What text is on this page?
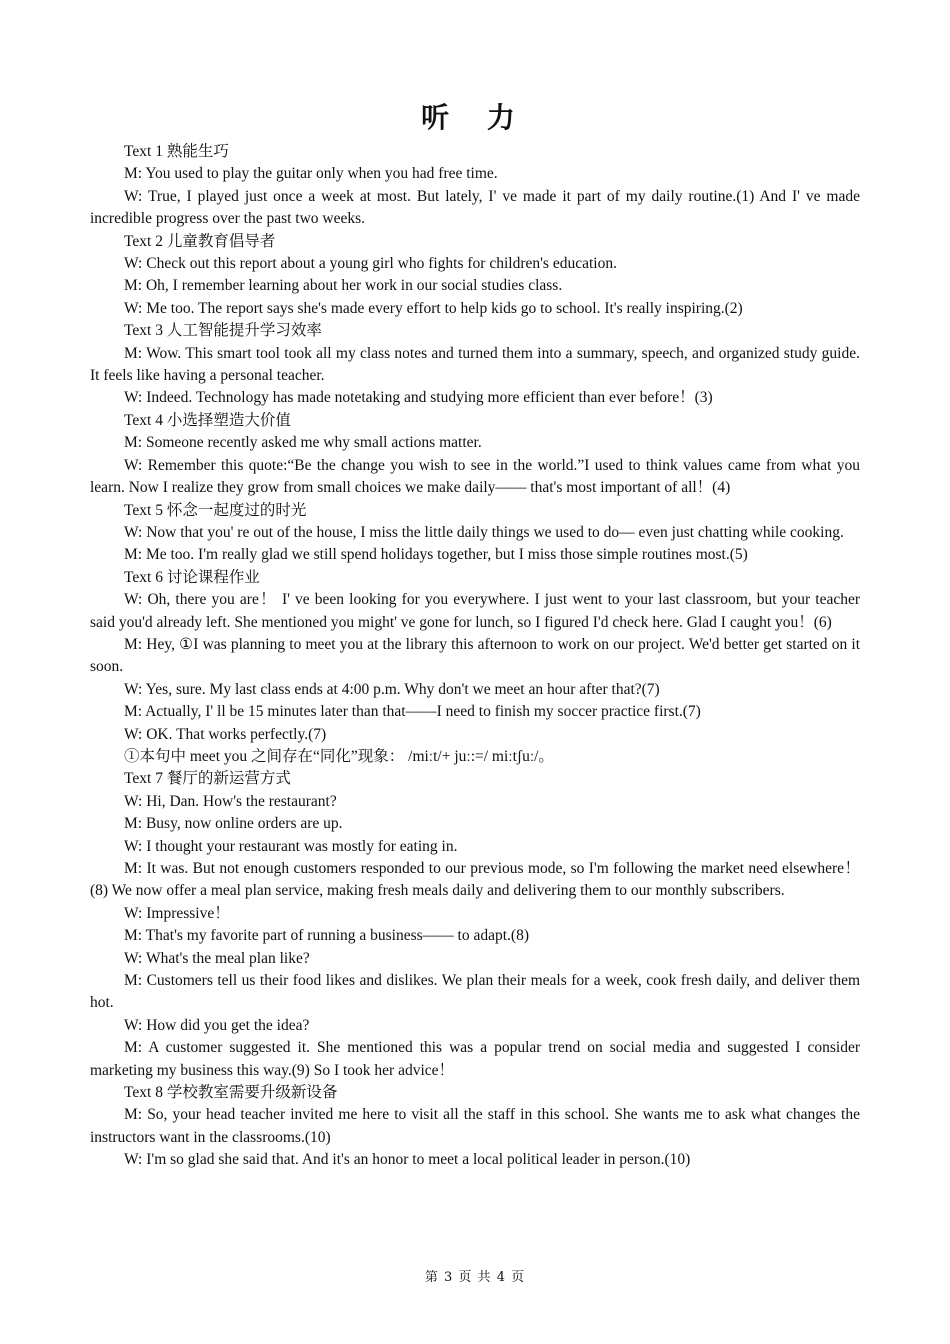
听 力

Text 1 熟能生巧

M: You used to play the guitar only when you had free time.

W: True, I played just once a week at most. But lately, I' ve made it part of my daily routine.(1) And I' ve made incredible progress over the past two weeks.

Text 2 儿童教育倡导者

W: Check out this report about a young girl who fights for children's education.

M: Oh, I remember learning about her work in our social studies class.

W: Me too. The report says she's made every effort to help kids go to school. It's really inspiring.(2)

Text 3 人工智能提升学习效率

M: Wow. This smart tool took all my class notes and turned them into a summary, speech, and organized study guide. It feels like having a personal teacher.

W: Indeed. Technology has made notetaking and studying more efficient than ever before！(3)

Text 4 小选择塑造大价值

M: Someone recently asked me why small actions matter.

W: Remember this quote:“Be the change you wish to see in the world.”I used to think values came from what you learn. Now I realize they grow from small choices we make daily—— that's most important of all！(4)

Text 5 怀念一起度过的时光

W: Now that you' re out of the house, I miss the little daily things we used to do— even just chatting while cooking.

M: Me too. I'm really glad we still spend holidays together, but I miss those simple routines most.(5)

Text 6 讨论课程作业

W: Oh, there you are！ I' ve been looking for you everywhere. I just went to your last classroom, but your teacher said you'd already left. She mentioned you might' ve gone for lunch, so I figured I'd check here. Glad I caught you！(6)

M: Hey, ①I was planning to meet you at the library this afternoon to work on our project. We'd better get started on it soon.

W: Yes, sure. My last class ends at 4:00 p.m. Why don't we meet an hour after that?(7)

M: Actually, I' ll be 15 minutes later than that——I need to finish my soccer practice first.(7)

W: OK. That works perfectly.(7)

①本句中 meet you 之间存在“同化”现象： /miːt/+ juː:=/ miːtʃuː/。

Text 7 餐厅的新运营方式

W: Hi, Dan. How's the restaurant?

M: Busy, now online orders are up.

W: I thought your restaurant was mostly for eating in.

M: It was. But not enough customers responded to our previous mode, so I'm following the market need elsewhere！(8) We now offer a meal plan service, making fresh meals daily and delivering them to our monthly subscribers.

W: Impressive！

M: That's my favorite part of running a business—— to adapt.(8)

W: What's the meal plan like?

M: Customers tell us their food likes and dislikes. We plan their meals for a week, cook fresh daily, and deliver them hot.

W: How did you get the idea?

M: A customer suggested it. She mentioned this was a popular trend on social media and suggested I consider marketing my business this way.(9) So I took her advice！

Text 8 学校教室需要升级新设备

M: So, your head teacher invited me here to visit all the staff in this school. She wants me to ask what changes the instructors want in the classrooms.(10)

W: I'm so glad she said that. And it's an honor to meet a local political leader in person.(10)

第 3 页 共 4 页
